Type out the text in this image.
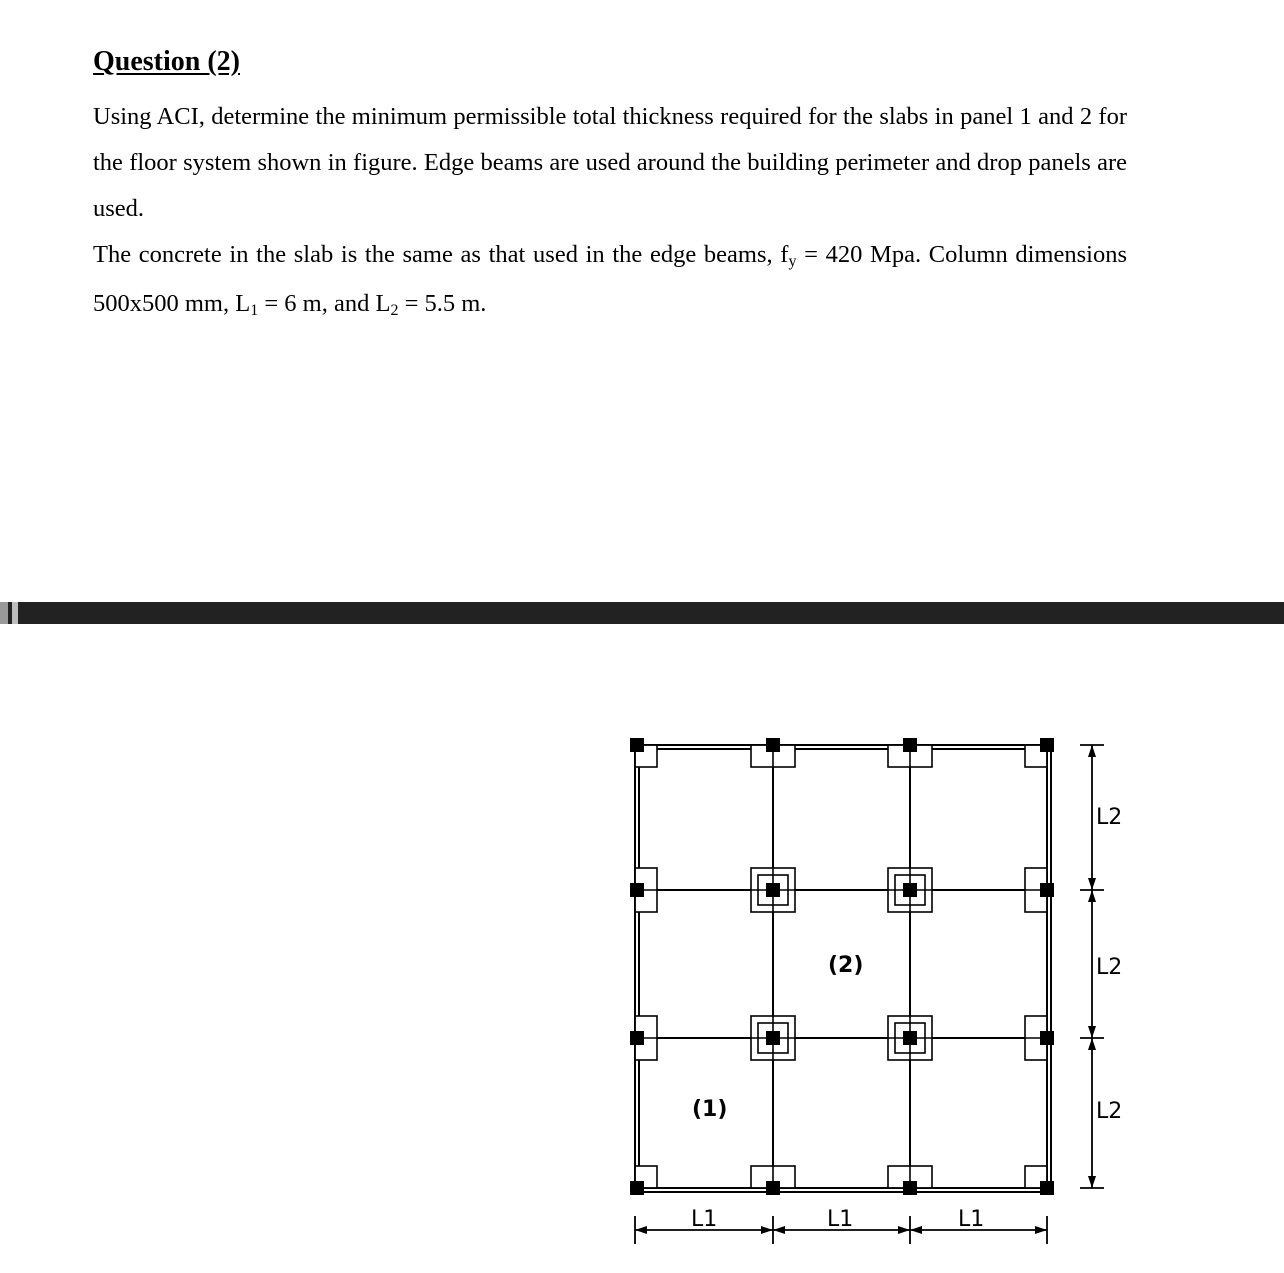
Question (2)

Using ACI, determine the minimum permissible total thickness required for the slabs in panel 1 and 2 for the floor system shown in figure. Edge beams are used around the building perimeter and drop panels are used.

The concrete in the slab is the same as that used in the edge beams, fy = 420 Mpa. Column dimensions 500x500 mm, L1 = 6 m, and L2 = 5.5 m.

(1)
(2)
L1	L1	L1
L2
L2
L2
